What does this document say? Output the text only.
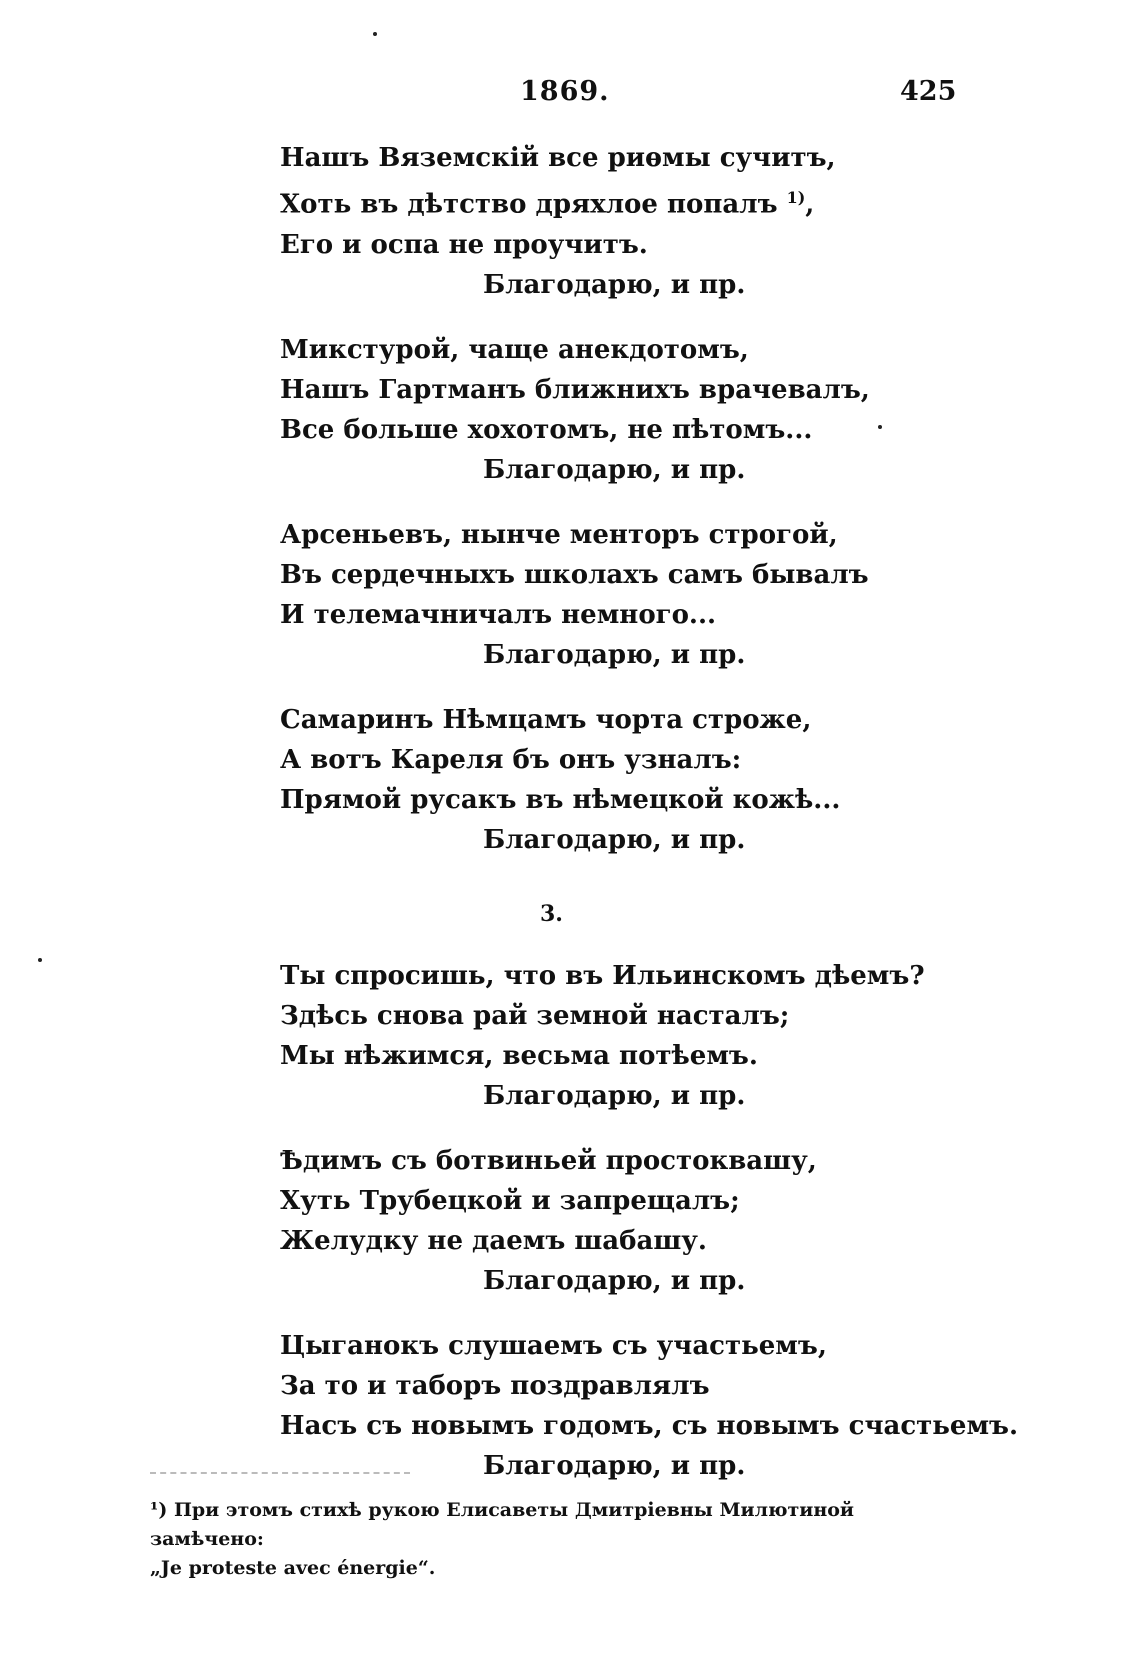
1869.	425
Нашъ Вяземскій все риѳмы сучитъ,
Хоть въ дѣтство дряхлое попалъ $^{1)}$,
Его и оспа не проучитъ.
Благодарю, и пр.
Микстурой, чаще анекдотомъ,
Нашъ Гартманъ ближнихъ врачевалъ,
Все больше хохотомъ, не пѣтомъ...
Благодарю, и пр.
Арсеньевъ, нынче менторъ строгой,
Въ сердечныхъ школахъ самъ бывалъ
И телемачничалъ немного...
Благодарю, и пр.
Самаринъ Нѣмцамъ чорта строже,
А вотъ Кареля бъ онъ узналъ:
Прямой русакъ въ нѣмецкой кожѣ...
Благодарю, и пр.
3.
Ты спросишь, что въ Ильинскомъ дѣемъ?
Здѣсь снова рай земной насталъ;
Мы нѣжимся, весьма потѣемъ.
Благодарю, и пр.
Ѣдимъ съ ботвиньей простоквашу,
Хуть Трубецкой и запрещалъ;
Желудку не даемъ шабашу.
Благодарю, и пр.
Цыганокъ слушаемъ съ участьемъ,
За то и таборъ поздравлялъ
Насъ съ новымъ годомъ, съ новымъ счастьемъ.
Благодарю, и пр.
¹) При этомъ стихѣ рукою Елисаветы Дмитріевны Милютиной замѣчено:
„Je proteste avec énergie“.
